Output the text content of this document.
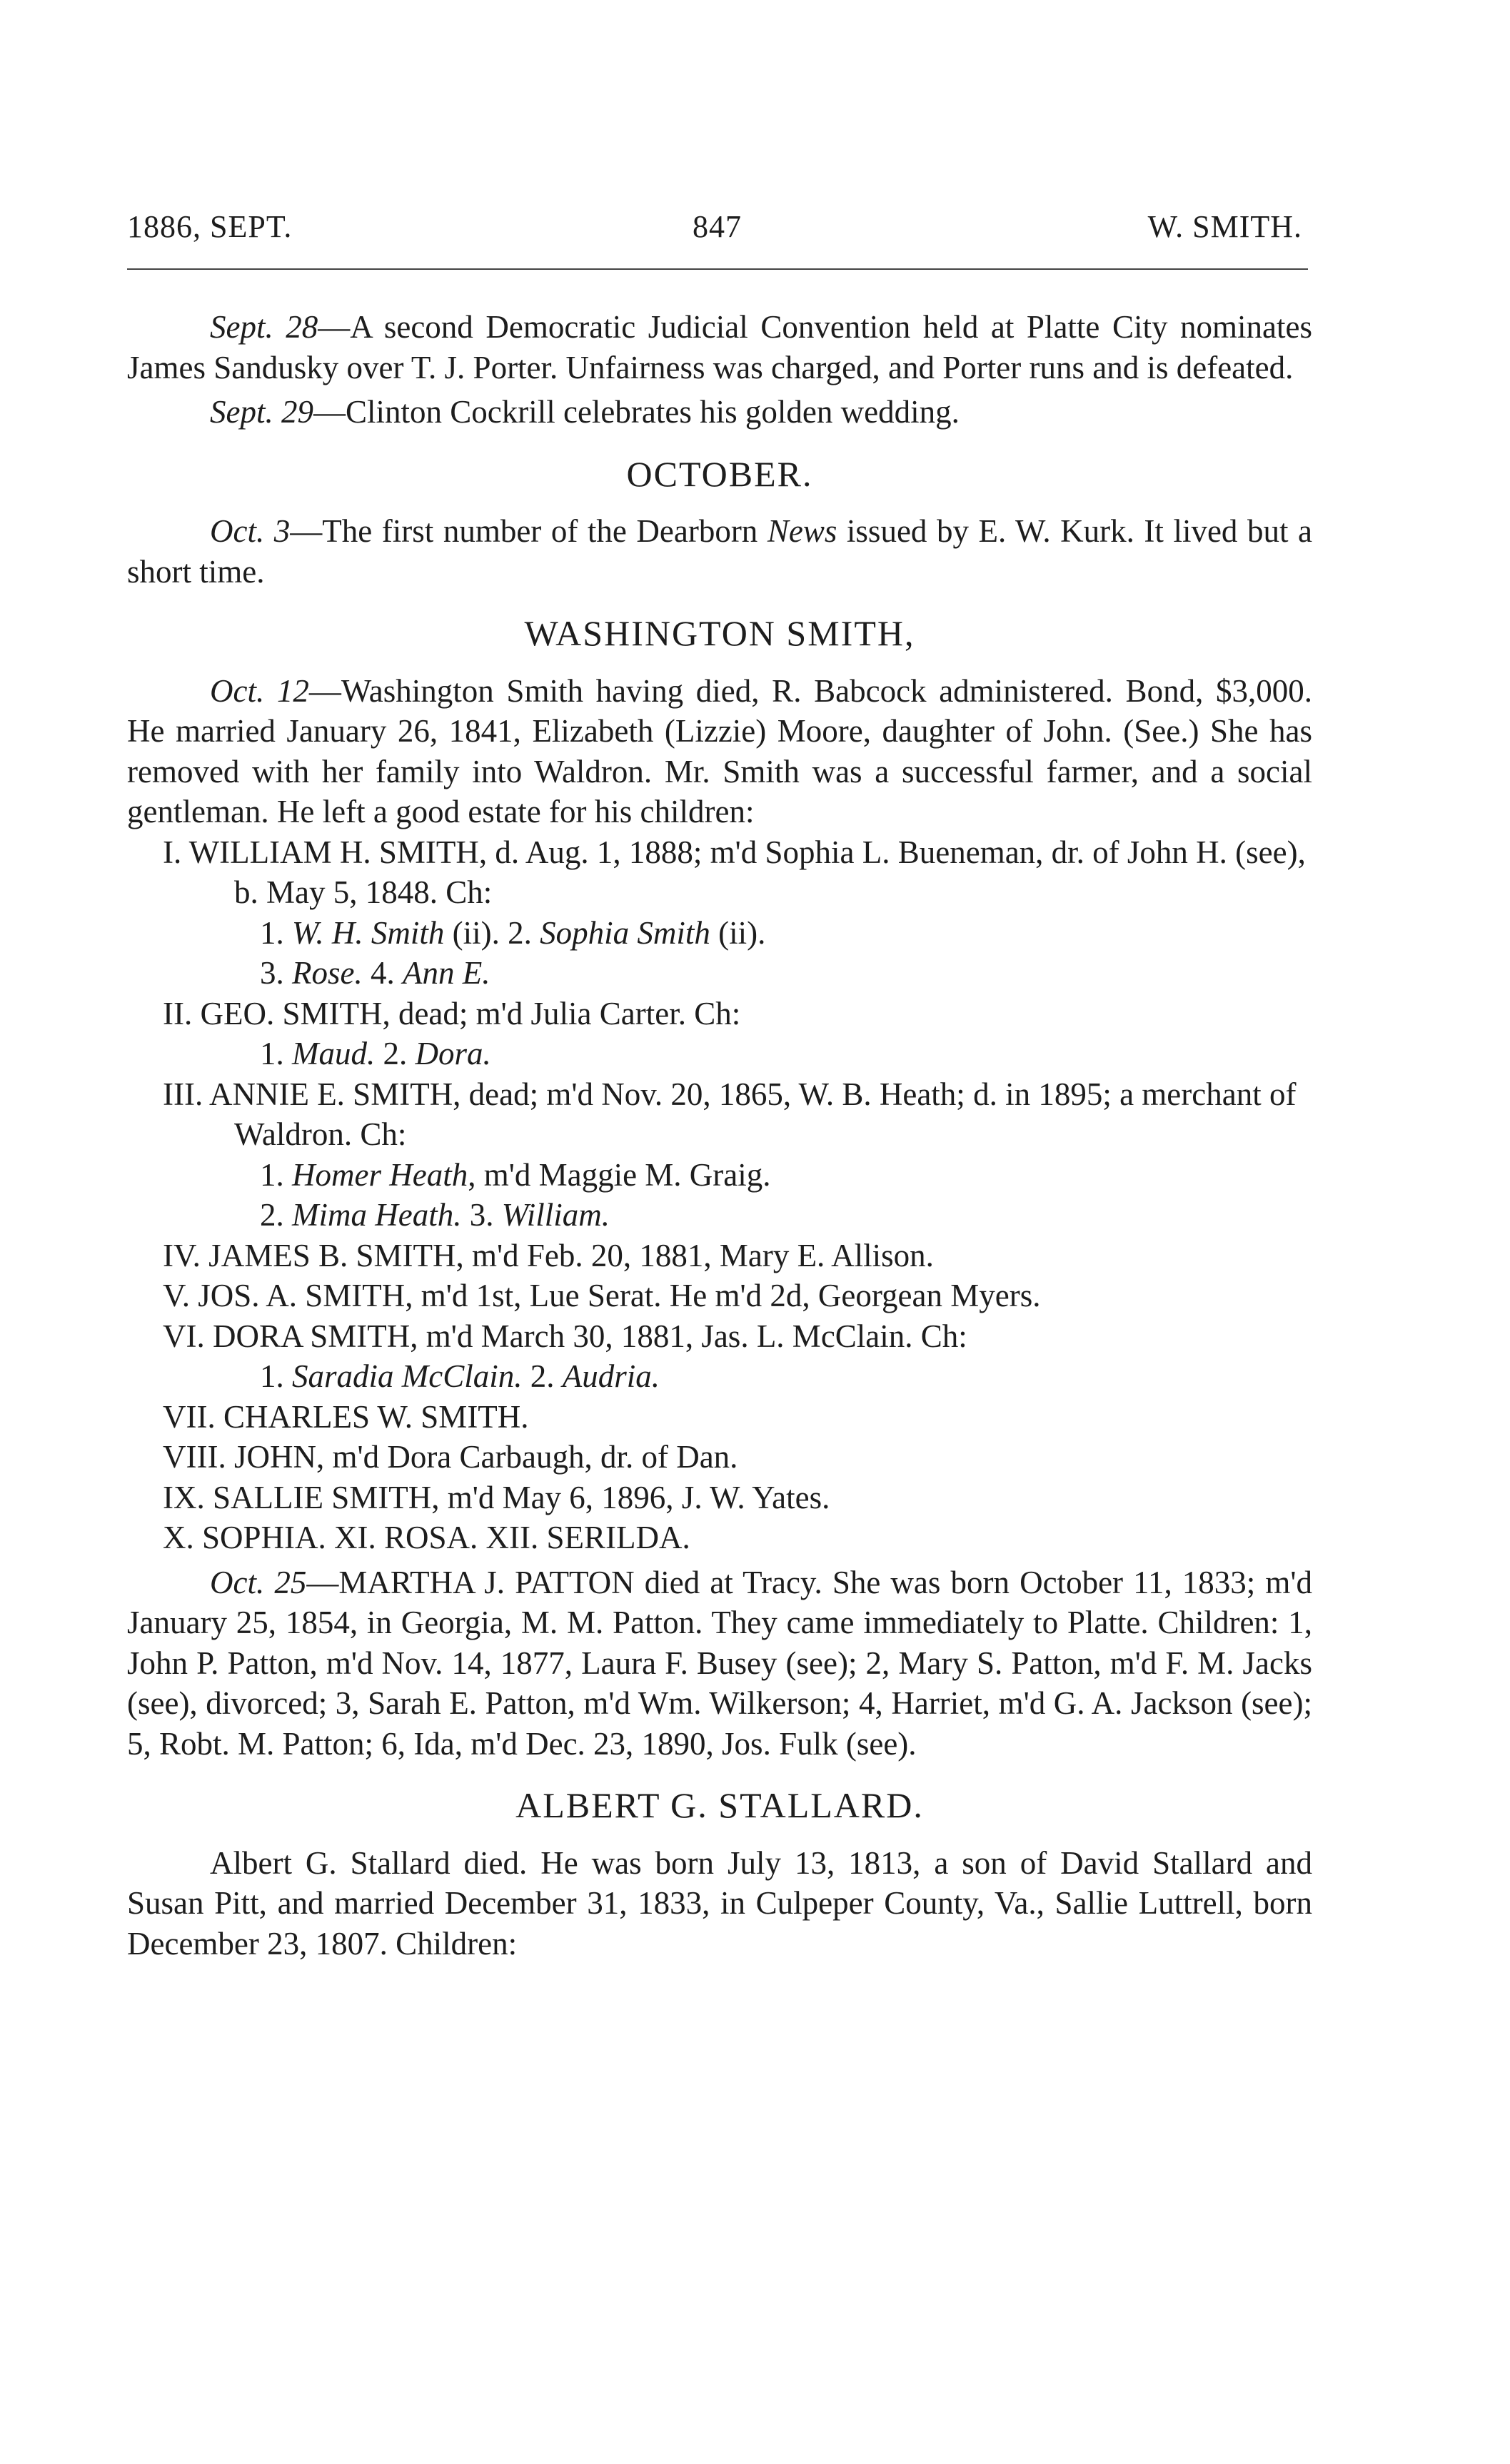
1886, SEPT.	847	W. SMITH.

Sept. 28—A second Democratic Judicial Convention held at Platte City nominates James Sandusky over T. J. Porter. Unfairness was charged, and Porter runs and is defeated.

Sept. 29—Clinton Cockrill celebrates his golden wedding.

OCTOBER.

Oct. 3—The first number of the Dearborn News issued by E. W. Kurk. It lived but a short time.

WASHINGTON SMITH,

Oct. 12—Washington Smith having died, R. Babcock administered. Bond, $3,000. He married January 26, 1841, Elizabeth (Lizzie) Moore, daughter of John. (See.) She has removed with her family into Waldron. Mr. Smith was a successful farmer, and a social gentleman. He left a good estate for his children:

I. WILLIAM H. SMITH, d. Aug. 1, 1888; m'd Sophia L. Bueneman, dr. of John H. (see), b. May 5, 1848. Ch:

1. W. H. Smith (ii). 2. Sophia Smith (ii).

3. Rose. 4. Ann E.

II. GEO. SMITH, dead; m'd Julia Carter. Ch:

1. Maud. 2. Dora.

III. ANNIE E. SMITH, dead; m'd Nov. 20, 1865, W. B. Heath; d. in 1895; a merchant of Waldron. Ch:

1. Homer Heath, m'd Maggie M. Graig.

2. Mima Heath. 3. William.

IV. JAMES B. SMITH, m'd Feb. 20, 1881, Mary E. Allison.

V. JOS. A. SMITH, m'd 1st, Lue Serat. He m'd 2d, Georgean Myers.

VI. DORA SMITH, m'd March 30, 1881, Jas. L. McClain. Ch:

1. Saradia McClain. 2. Audria.

VII. CHARLES W. SMITH.

VIII. JOHN, m'd Dora Carbaugh, dr. of Dan.

IX. SALLIE SMITH, m'd May 6, 1896, J. W. Yates.

X. SOPHIA. XI. ROSA. XII. SERILDA.

Oct. 25—MARTHA J. PATTON died at Tracy. She was born October 11, 1833; m'd January 25, 1854, in Georgia, M. M. Patton. They came immediately to Platte. Children: 1, John P. Patton, m'd Nov. 14, 1877, Laura F. Busey (see); 2, Mary S. Patton, m'd F. M. Jacks (see), divorced; 3, Sarah E. Patton, m'd Wm. Wilkerson; 4, Harriet, m'd G. A. Jackson (see); 5, Robt. M. Patton; 6, Ida, m'd Dec. 23, 1890, Jos. Fulk (see).

ALBERT G. STALLARD.

Albert G. Stallard died. He was born July 13, 1813, a son of David Stallard and Susan Pitt, and married December 31, 1833, in Culpeper County, Va., Sallie Luttrell, born December 23, 1807. Children:
